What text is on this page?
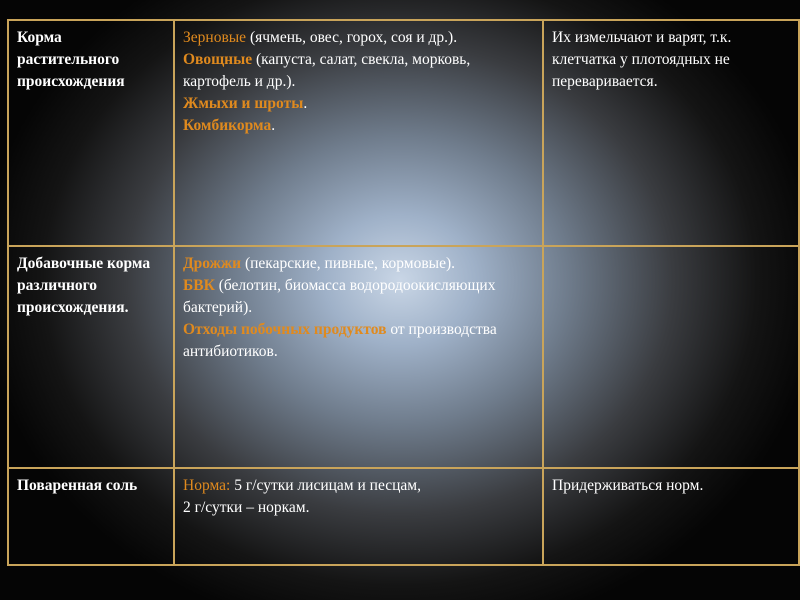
Корма растительного происхождения	Зерновые (ячмень, овес, горох, соя и др.).
Овощные (капуста, салат, свекла, морковь, картофель и др.).
Жмыхи и шроты.
Комбикорма.	Их измельчают и варят, т.к. клетчатка у плотоядных не переваривается.
Добавочные корма различного происхождения.	Дрожжи (пекарские, пивные, кормовые).
БВК (белотин, биомасса водородоокисляющих бактерий).
Отходы побочных продуктов от производства антибиотиков.	

Поваренная соль	Норма: 5 г/сутки лисицам и песцам,
2 г/сутки – норкам.	Придерживаться норм.
